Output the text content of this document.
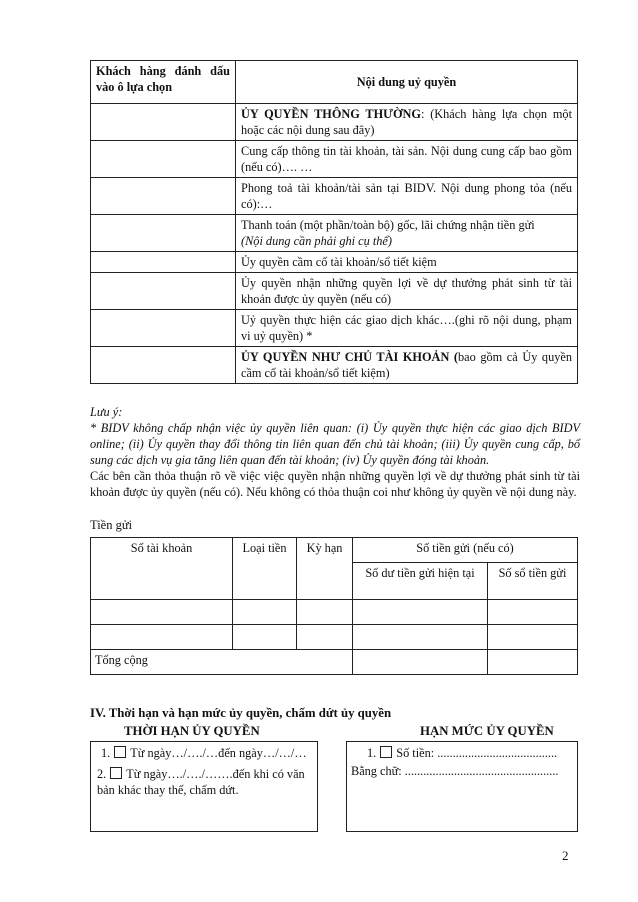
Khách hàng đánh dấu vào ô lựa chọn	Nội dung uỷ quyền
	ỦY QUYỀN THÔNG THƯỜNG: (Khách hàng lựa chọn một hoặc các nội dung sau đây)
	Cung cấp thông tin tài khoản, tài sản. Nội dung cung cấp bao gồm (nếu có)…. …
	Phong toả tài khoản/tài sản tại BIDV. Nội dung phong tỏa (nếu có):…
	Thanh toán (một phần/toàn bộ) gốc, lãi chứng nhận tiền gửi
(Nội dung cần phải ghi cụ thể)
	Ủy quyền cầm cố tài khoản/sổ tiết kiệm
	Ủy quyền nhận những quyền lợi về dự thưởng phát sinh từ tài khoản được ủy quyền (nếu có)
	Uỷ quyền thực hiện các giao dịch khác….(ghi rõ nội dung, phạm vi uỷ quyền) *
	ỦY QUYỀN NHƯ CHỦ TÀI KHOẢN (bao gồm cả Ủy quyền cầm cố tài khoản/sổ tiết kiệm)

Lưu ý:

* BIDV không chấp nhận việc ủy quyền liên quan: (i) Ủy quyền thực hiện các giao dịch BIDV online; (ii) Ủy quyền thay đổi thông tin liên quan đến chủ tài khoản; (iii) Ủy quyền cung cấp, bổ sung các dịch vụ gia tăng liên quan đến tài khoản; (iv) Ủy quyền đóng tài khoản.

Các bên cần thỏa thuận rõ về việc việc quyền nhận những quyền lợi về dự thưởng phát sinh từ tài khoản được ủy quyền (nếu có). Nếu không có thỏa thuận coi như không ủy quyền về nội dung này.

Tiền gửi
Số tài khoản	Loại tiền	Kỳ hạn	Số tiền gửi (nếu có)	
			Số dư tiền gửi hiện tại	Số sổ tiền gửi

Tổng cộng				
IV. Thời hạn và hạn mức ủy quyền, chấm dứt ủy quyền
THỜI HẠN ỦY QUYỀN	HẠN MỨC ỦY QUYỀN
1. Từ ngày…/…./…đến ngày…/…/…
2. Từ ngày…./…./…….đến khi có văn bản khác thay thế, chấm dứt.
1. Số tiền: .......................................
Bằng chữ: ..................................................
2
